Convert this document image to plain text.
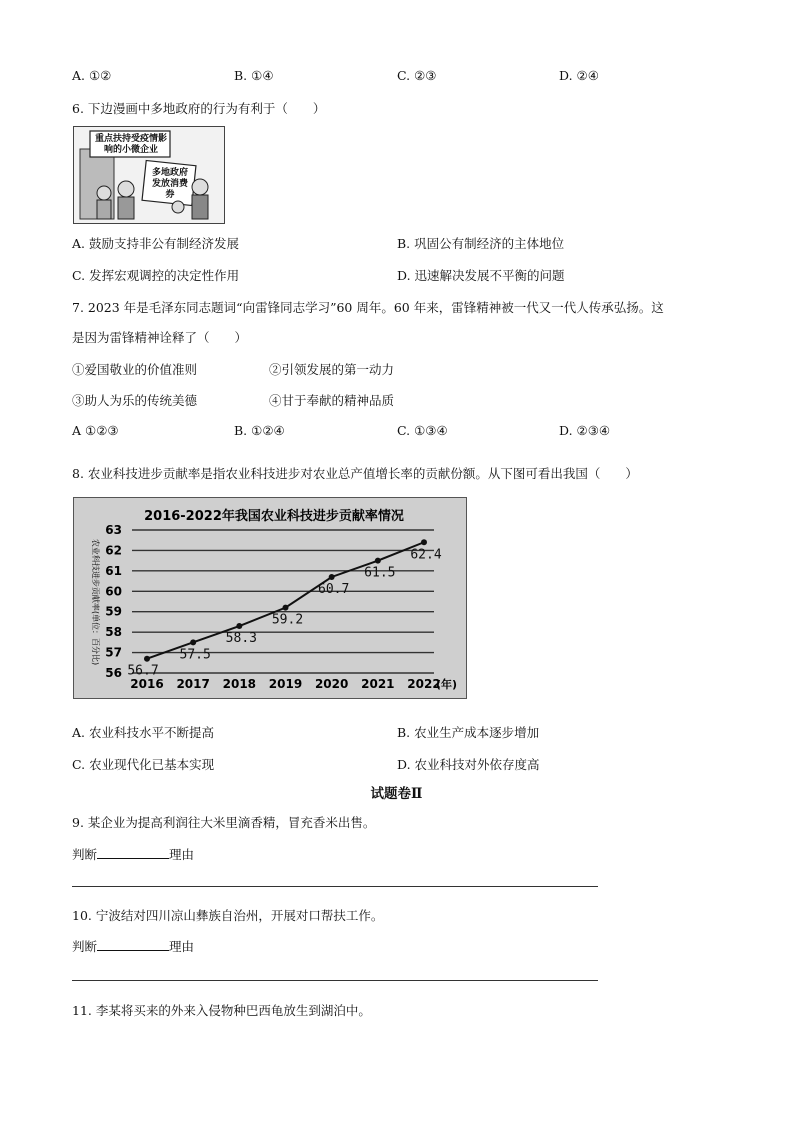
A. ①②	B. ①④	C. ②③	D. ②④
6. 下边漫画中多地政府的行为有利于（　　）
重点扶持受疫情影响的小微企业
多地政府发放消费券
A. 鼓励支持非公有制经济发展	B. 巩固公有制经济的主体地位
C. 发挥宏观调控的决定性作用	D. 迅速解决发展不平衡的问题
7. 2023 年是毛泽东同志题词“向雷锋同志学习”60 周年。60 年来，雷锋精神被一代又一代人传承弘扬。这
是因为雷锋精神诠释了（　　）
①爱国敬业的价值准则	②引领发展的第一动力
③助人为乐的传统美德	④甘于奉献的精神品质
A ①②③	B. ①②④	C. ①③④	D. ②③④
8. 农业科技进步贡献率是指农业科技进步对农业总产值增长率的贡献份额。从下图可看出我国（　　）
2016-2022年我国农业科技进步贡献率情况
56
57
58
59
60
61
62
63
2016 2017 2018 2019 2020 2021 2022
56.7
57.5
58.3
59.2
60.7
61.5
62.4
农业科技进步贡献率(单位：百分比)
(年)
A. 农业科技水平不断提高	B. 农业生产成本逐步增加
C. 农业现代化已基本实现	D. 农业科技对外依存度高
试题卷Ⅱ
9. 某企业为提高利润往大米里滴香精，冒充香米出售。
判断	理由
10. 宁波结对四川凉山彝族自治州，开展对口帮扶工作。
判断	理由
11. 李某将买来的外来入侵物种巴西龟放生到湖泊中。
